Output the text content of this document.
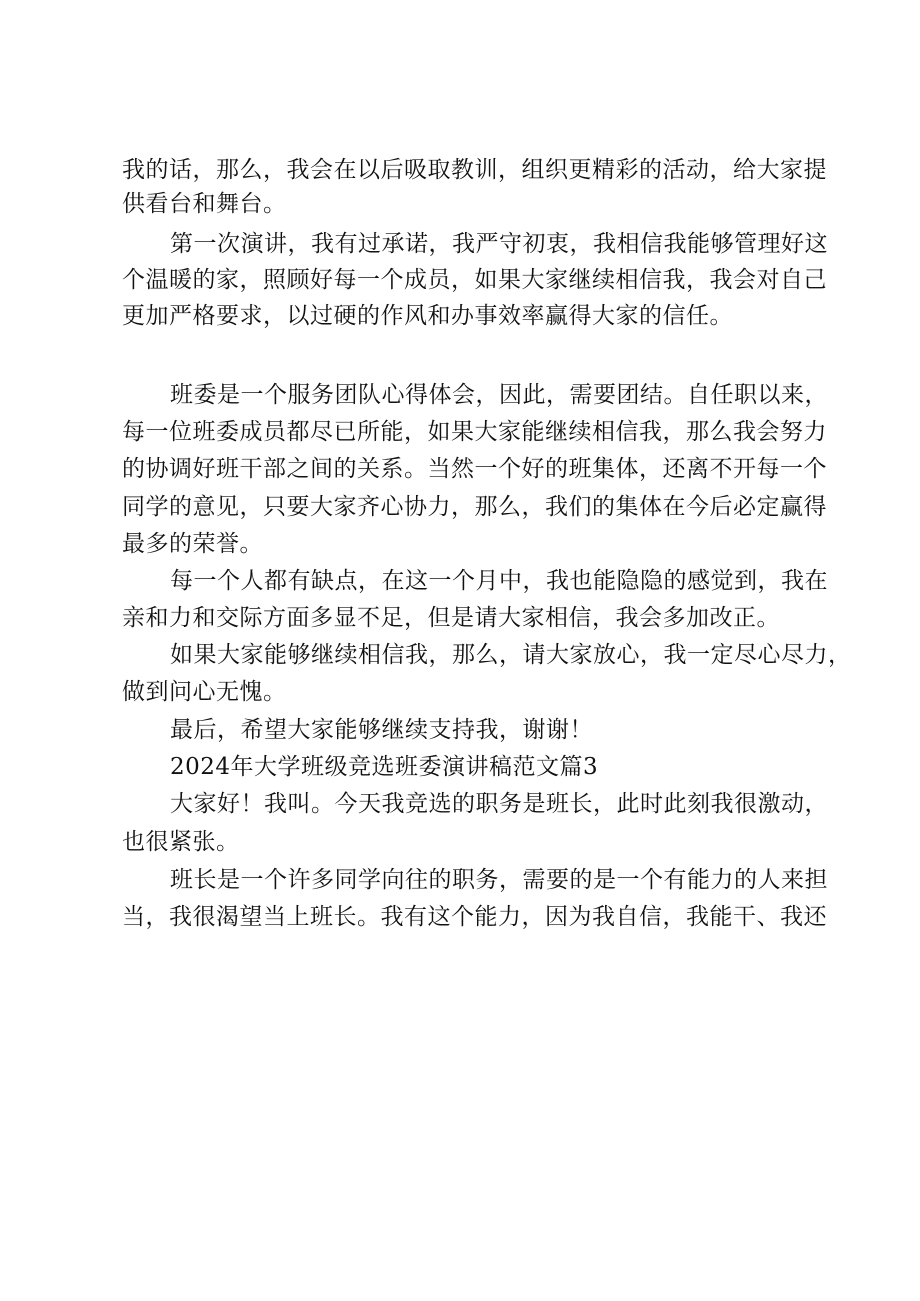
我的话，那么，我会在以后吸取教训，组织更精彩的活动，给大家提
供看台和舞台。
第一次演讲，我有过承诺，我严守初衷，我相信我能够管理好这
个温暖的家，照顾好每一个成员，如果大家继续相信我，我会对自己
更加严格要求，以过硬的作风和办事效率赢得大家的信任。
班委是一个服务团队心得体会，因此，需要团结。自任职以来，
每一位班委成员都尽已所能，如果大家能继续相信我，那么我会努力
的协调好班干部之间的关系。当然一个好的班集体，还离不开每一个
同学的意见，只要大家齐心协力，那么，我们的集体在今后必定赢得
最多的荣誉。
每一个人都有缺点，在这一个月中，我也能隐隐的感觉到，我在
亲和力和交际方面多显不足，但是请大家相信，我会多加改正。
如果大家能够继续相信我，那么，请大家放心，我一定尽心尽力，
做到问心无愧。
最后，希望大家能够继续支持我，谢谢！
2024年大学班级竞选班委演讲稿范文篇3
大家好！我叫。今天我竞选的职务是班长，此时此刻我很激动，
也很紧张。
班长是一个许多同学向往的职务，需要的是一个有能力的人来担
当，我很渴望当上班长。我有这个能力，因为我自信，我能干、我还
